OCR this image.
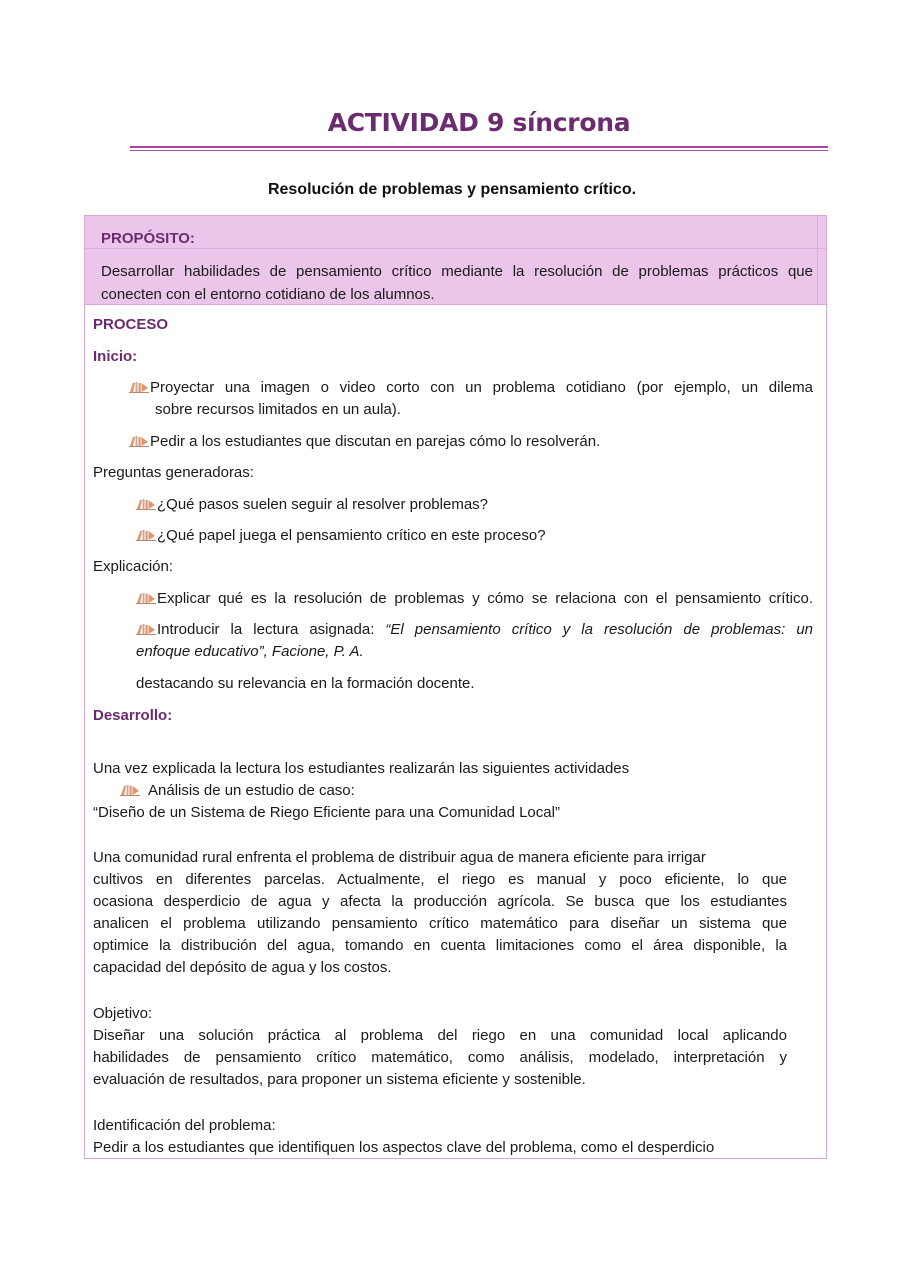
ACTIVIDAD 9 síncrona
Resolución de problemas y pensamiento crítico.
PROPÓSITO:
Desarrollar habilidades de pensamiento crítico mediante la resolución de problemas prácticos que conecten con el entorno cotidiano de los alumnos.
PROCESO
Inicio:
Proyectar una imagen o video corto con un problema cotidiano (por ejemplo, un dilema
sobre recursos limitados en un aula).
Pedir a los estudiantes que discutan en parejas cómo lo resolverán.
Preguntas generadoras:
¿Qué pasos suelen seguir al resolver problemas?
¿Qué papel juega el pensamiento crítico en este proceso?
Explicación:
Explicar qué es la resolución de problemas y cómo se relaciona con el pensamiento crítico.
Introducir la lectura asignada: “El pensamiento crítico y la resolución de problemas: un
enfoque educativo”, Facione, P. A.
destacando su relevancia en la formación docente.
Desarrollo:
Una vez explicada la lectura los estudiantes realizarán las siguientes actividades
Análisis de un estudio de caso:
“Diseño de un Sistema de Riego Eficiente para una Comunidad Local”
Una comunidad rural enfrenta el problema de distribuir agua de manera eficiente para irrigar
cultivos en diferentes parcelas. Actualmente, el riego es manual y poco eficiente, lo que
ocasiona desperdicio de agua y afecta la producción agrícola. Se busca que los estudiantes
analicen el problema utilizando pensamiento crítico matemático para diseñar un sistema que
optimice la distribución del agua, tomando en cuenta limitaciones como el área disponible, la
capacidad del depósito de agua y los costos.
Objetivo:
Diseñar una solución práctica al problema del riego en una comunidad local aplicando
habilidades de pensamiento crítico matemático, como análisis, modelado, interpretación y
evaluación de resultados, para proponer un sistema eficiente y sostenible.
Identificación del problema:
Pedir a los estudiantes que identifiquen los aspectos clave del problema, como el desperdicio
